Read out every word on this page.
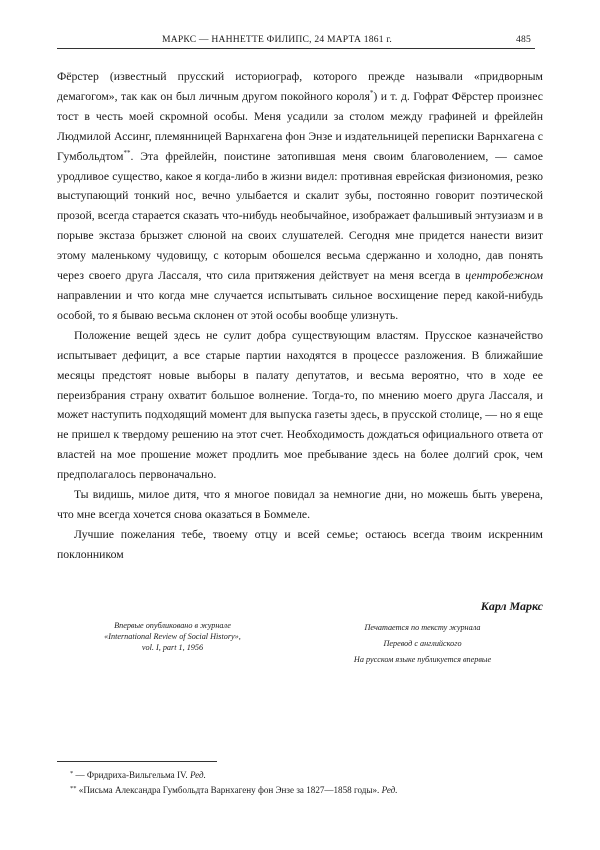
МАРКС — НАННЕТТЕ ФИЛИПС, 24 МАРТА 1861 г.	485

Фёрстер (известный прусский историограф, которого прежде называли «придворным демагогом», так как он был личным другом покойного короля*) и т. д. Гофрат Фёрстер произнес тост в честь моей скромной особы. Меня усадили за столом между графиней и фрейлейн Людмилой Ассинг, племянницей Варнхагена фон Энзе и издательницей переписки Варнхагена с Гумбольдтом**. Эта фрейлейн, поистине затопившая меня своим благоволением, — самое уродливое существо, какое я когда-либо в жизни видел: противная еврейская физиономия, резко выступающий тонкий нос, вечно улыбается и скалит зубы, постоянно говорит поэтической прозой, всегда старается сказать что-нибудь необычайное, изображает фальшивый энтузиазм и в порыве экстаза брызжет слюной на своих слушателей. Сегодня мне придется нанести визит этому маленькому чудовищу, с которым обошелся весьма сдержанно и холодно, дав понять через своего друга Лассаля, что сила притяжения действует на меня всегда в центробежном направлении и что когда мне случается испытывать сильное восхищение перед какой-нибудь особой, то я бываю весьма склонен от этой особы вообще улизнуть.

Положение вещей здесь не сулит добра существующим властям. Прусское казначейство испытывает дефицит, а все старые партии находятся в процессе разложения. В ближайшие месяцы предстоят новые выборы в палату депутатов, и весьма вероятно, что в ходе ее переизбрания страну охватит большое волнение. Тогда-то, по мнению моего друга Лассаля, и может наступить подходящий момент для выпуска газеты здесь, в прусской столице, — но я еще не пришел к твердому решению на этот счет. Необходимость дождаться официального ответа от властей на мое прошение может продлить мое пребывание здесь на более долгий срок, чем предполагалось первоначально.

Ты видишь, милое дитя, что я многое повидал за немногие дни, но можешь быть уверена, что мне всегда хочется снова оказаться в Боммеле.

Лучшие пожелания тебе, твоему отцу и всей семье; остаюсь всегда твоим искренним поклонником

Карл Маркс
Впервые опубликовано в журнале
«International Review of Social History»,
vol. I, part 1, 1956
Печатается по тексту журнала
Перевод с английского
На русском языке публикуется впервые
* — Фридриха-Вильгельма IV. Ред.
** «Письма Александра Гумбольдта Варнхагену фон Энзе за 1827—1858 годы». Ред.
